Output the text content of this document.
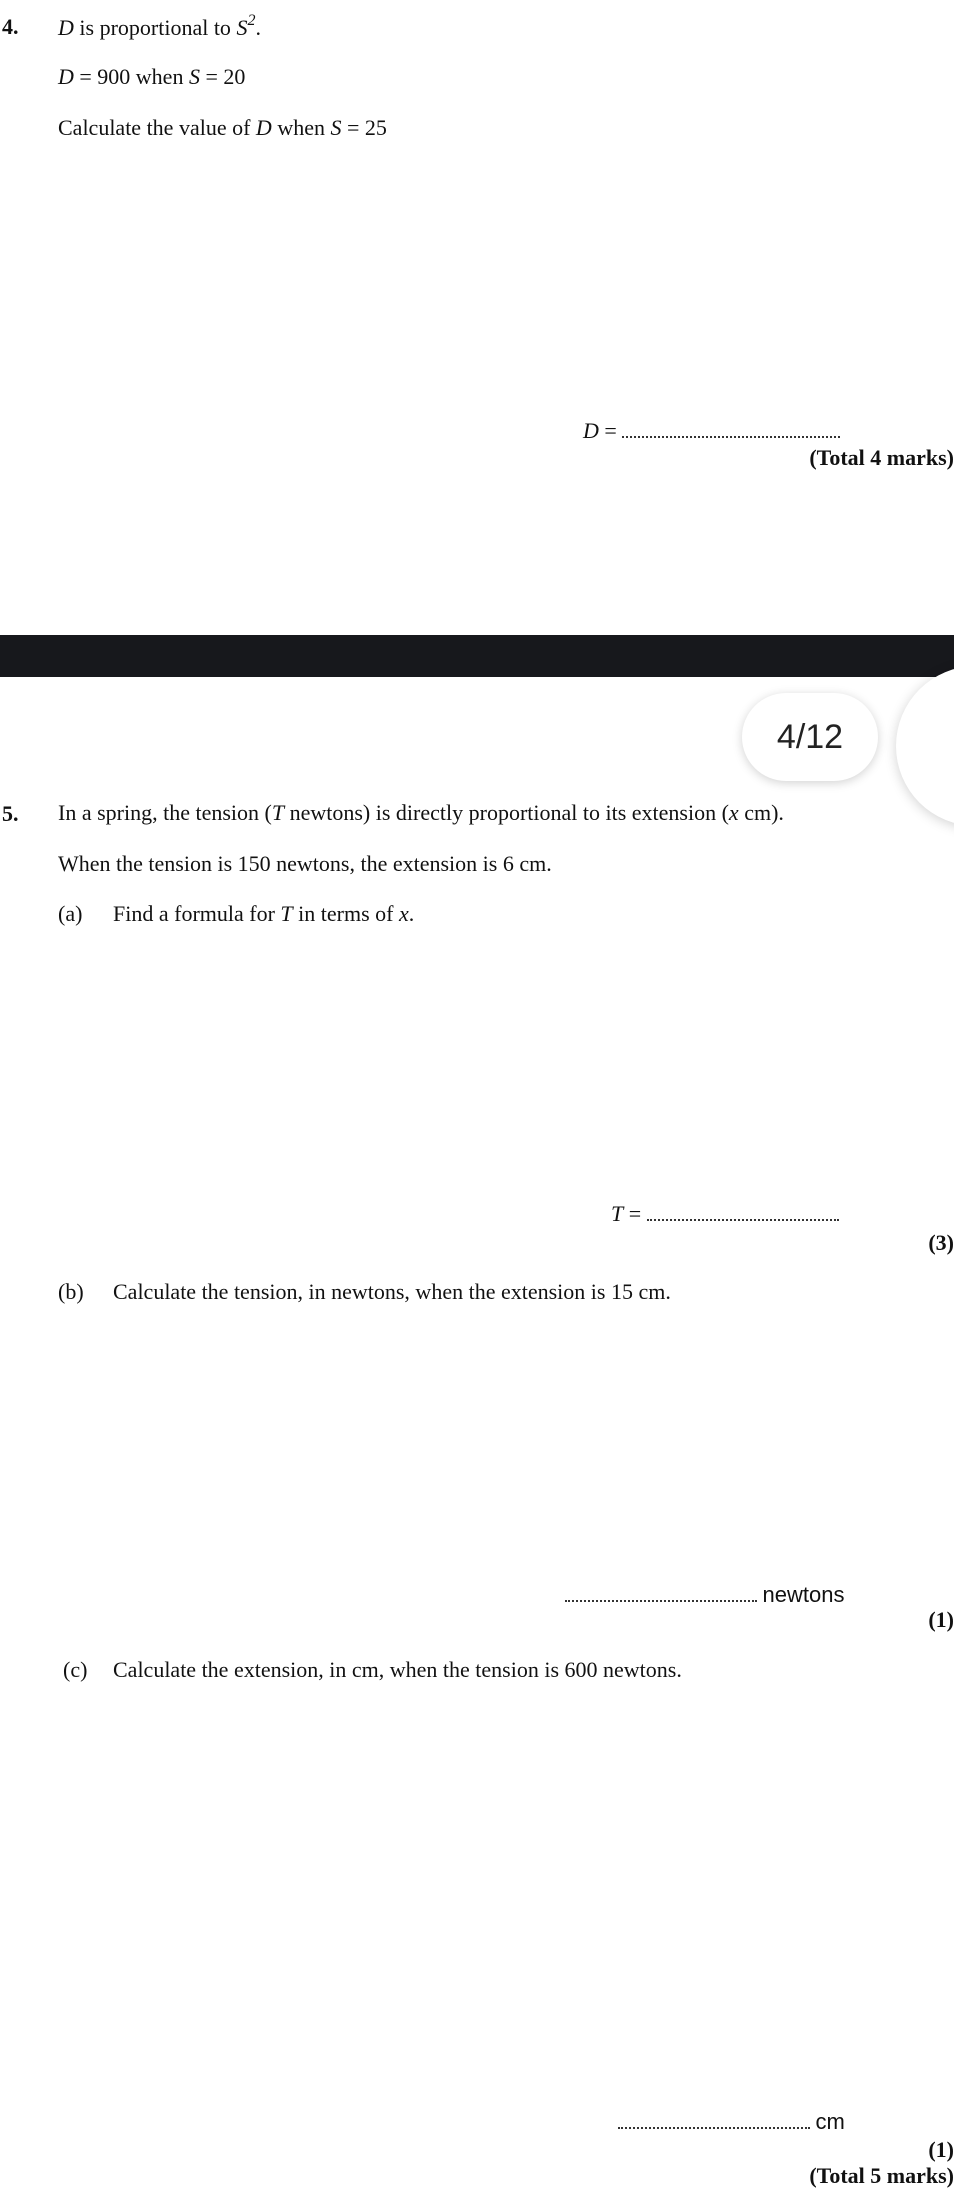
4. D is proportional to $S^2$.
D = 900 when S = 20
Calculate the value of D when S = 25
D =
(Total 4 marks)
4/12
5. In a spring, the tension (T newtons) is directly proportional to its extension (x cm).
When the tension is 150 newtons, the extension is 6 cm.
(a) Find a formula for T in terms of x.
T =
(3)
(b) Calculate the tension, in newtons, when the extension is 15 cm.
newtons
(1)
(c) Calculate the extension, in cm, when the tension is 600 newtons.
cm
(1)
(Total 5 marks)
